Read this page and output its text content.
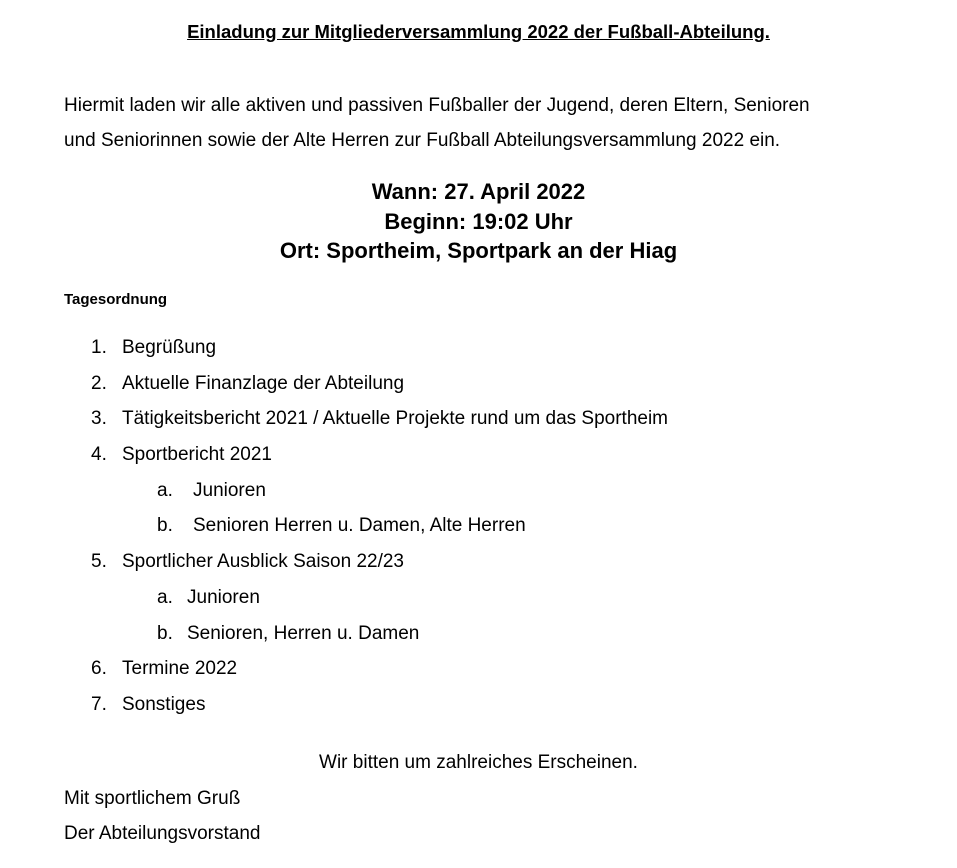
Einladung zur Mitgliederversammlung 2022 der Fußball-Abteilung.

Hiermit laden wir alle aktiven und passiven Fußballer der Jugend, deren Eltern, Senioren

und Seniorinnen sowie der Alte Herren zur Fußball Abteilungsversammlung 2022 ein.

Wann: 27. April 2022
Beginn: 19:02 Uhr
Ort: Sportheim, Sportpark an der Hiag
Tagesordnung
1. Begrüßung
2. Aktuelle Finanzlage der Abteilung
3. Tätigkeitsbericht 2021 / Aktuelle Projekte rund um das Sportheim
4. Sportbericht 2021
a. Junioren
b. Senioren Herren u. Damen, Alte Herren
5. Sportlicher Ausblick Saison 22/23
a. Junioren
b. Senioren, Herren u. Damen
6. Termine 2022
7. Sonstiges
Wir bitten um zahlreiches Erscheinen.
Mit sportlichem Gruß
Der Abteilungsvorstand
